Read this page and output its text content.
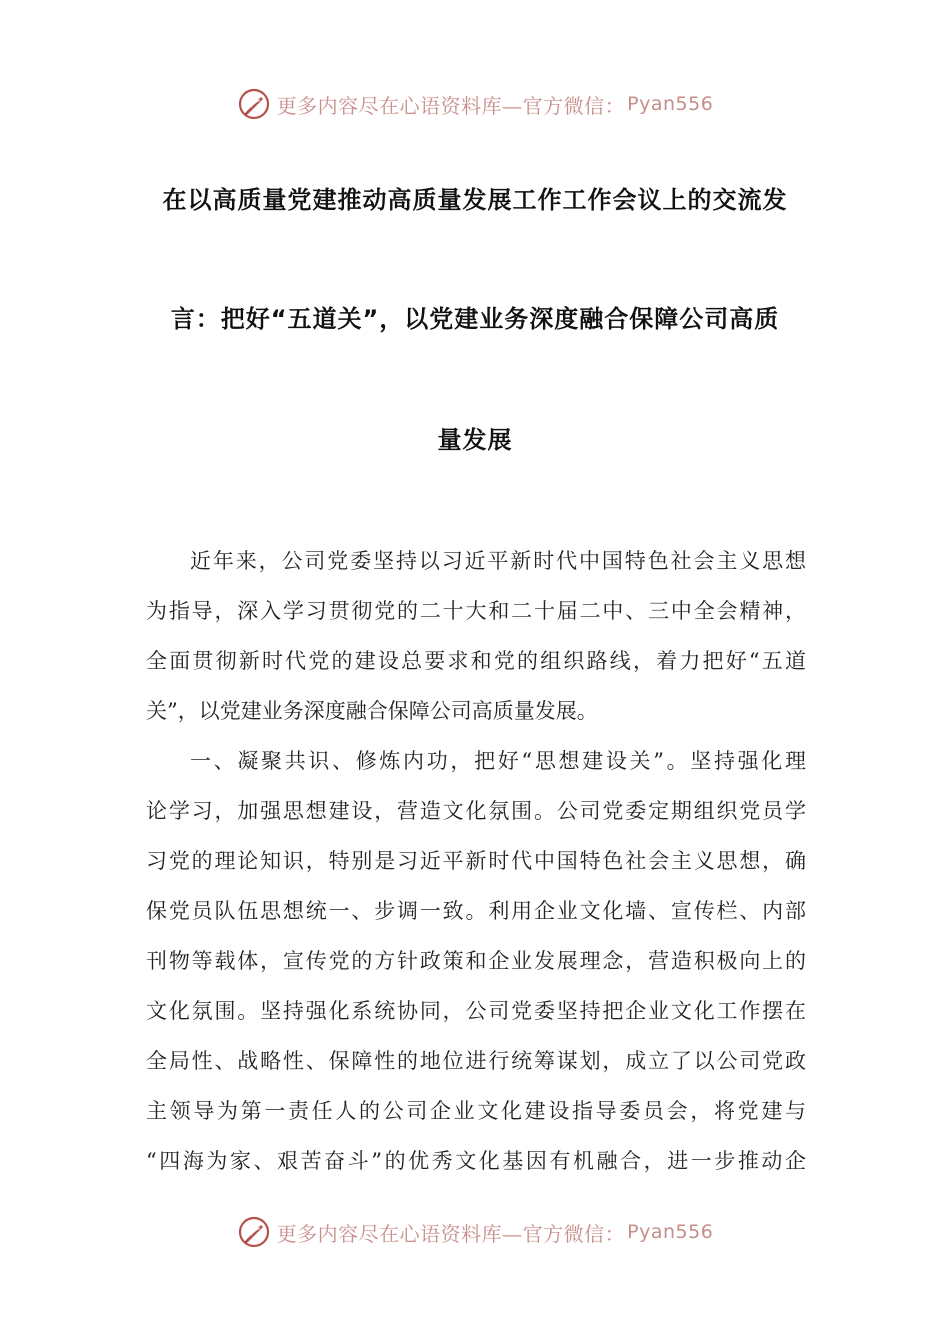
更多内容尽在心语资料库—官方微信： Pyan556
在以高质量党建推动高质量发展工作工作会议上的交流发
言：把好“五道关”，以党建业务深度融合保障公司高质
量发展
近年来，公司党委坚持以习近平新时代中国特色社会主义思想
为指导，深入学习贯彻党的二十大和二十届二中、三中全会精神，
全面贯彻新时代党的建设总要求和党的组织路线，着力把好“五道
关”，以党建业务深度融合保障公司高质量发展。
一、凝聚共识、修炼内功，把好“思想建设关”。坚持强化理
论学习，加强思想建设，营造文化氛围。公司党委定期组织党员学
习党的理论知识，特别是习近平新时代中国特色社会主义思想，确
保党员队伍思想统一、步调一致。利用企业文化墙、宣传栏、内部
刊物等载体，宣传党的方针政策和企业发展理念，营造积极向上的
文化氛围。坚持强化系统协同，公司党委坚持把企业文化工作摆在
全局性、战略性、保障性的地位进行统筹谋划，成立了以公司党政
主领导为第一责任人的公司企业文化建设指导委员会，将党建与
“四海为家、艰苦奋斗”的优秀文化基因有机融合，进一步推动企
更多内容尽在心语资料库—官方微信： Pyan556
